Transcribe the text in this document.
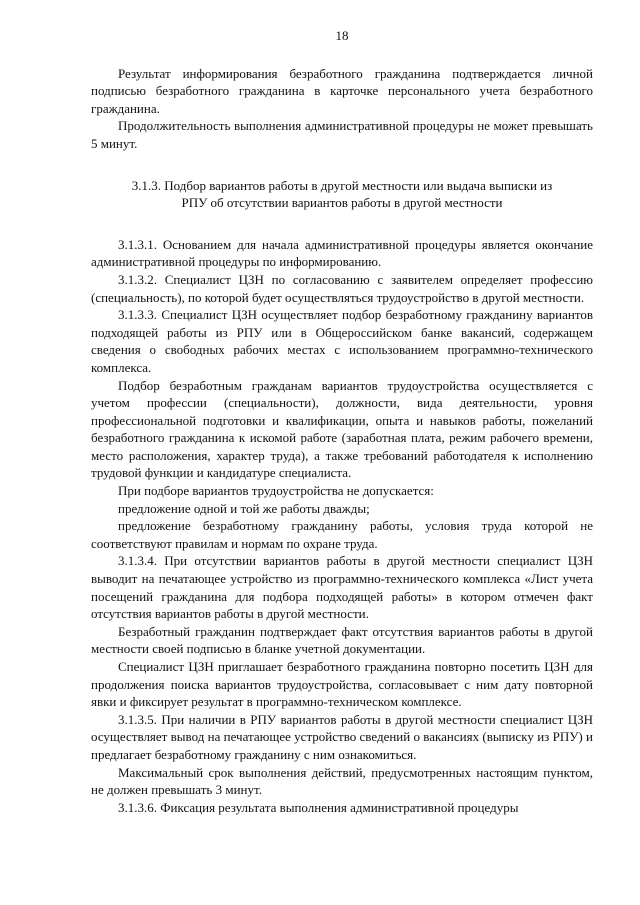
18

Результат информирования безработного гражданина подтверждается личной подписью безработного гражданина в карточке персонального учета безработного гражданина.

Продолжительность выполнения административной процедуры не может превышать 5 минут.

3.1.3. Подбор вариантов работы в другой местности или выдача выписки из
РПУ об отсутствии вариантов работы в другой местности

3.1.3.1. Основанием для начала административной процедуры является окончание административной процедуры по информированию.

3.1.3.2. Специалист ЦЗН по согласованию с заявителем определяет профессию (специальность), по которой будет осуществляться трудоустройство в другой местности.

3.1.3.3. Специалист ЦЗН осуществляет подбор безработному гражданину вариантов подходящей работы из РПУ или в Общероссийском банке вакансий, содержащем сведения о свободных рабочих местах с использованием программно-технического комплекса.

Подбор безработным гражданам вариантов трудоустройства осуществляется с учетом профессии (специальности), должности, вида деятельности, уровня профессиональной подготовки и квалификации, опыта и навыков работы, пожеланий безработного гражданина к искомой работе (заработная плата, режим рабочего времени, место расположения, характер труда), а также требований работодателя к исполнению трудовой функции и кандидатуре специалиста.

При подборе вариантов трудоустройства не допускается:

предложение одной и той же работы дважды;

предложение безработному гражданину работы, условия труда которой не соответствуют правилам и нормам по охране труда.

3.1.3.4. При отсутствии вариантов работы в другой местности специалист ЦЗН выводит на печатающее устройство из программно-технического комплекса «Лист учета посещений гражданина для подбора подходящей работы» в котором отмечен факт отсутствия вариантов работы в другой местности.

Безработный гражданин подтверждает факт отсутствия вариантов работы в другой местности своей подписью в бланке учетной документации.

Специалист ЦЗН приглашает безработного гражданина повторно посетить ЦЗН для продолжения поиска вариантов трудоустройства, согласовывает с ним дату повторной явки и фиксирует результат в программно-техническом комплексе.

3.1.3.5. При наличии в РПУ вариантов работы в другой местности специалист ЦЗН осуществляет вывод на печатающее устройство сведений о вакансиях (выписку из РПУ) и предлагает безработному гражданину с ним ознакомиться.

Максимальный срок выполнения действий, предусмотренных настоящим пунктом, не должен превышать 3 минут.

3.1.3.6. Фиксация результата выполнения административной процедуры
